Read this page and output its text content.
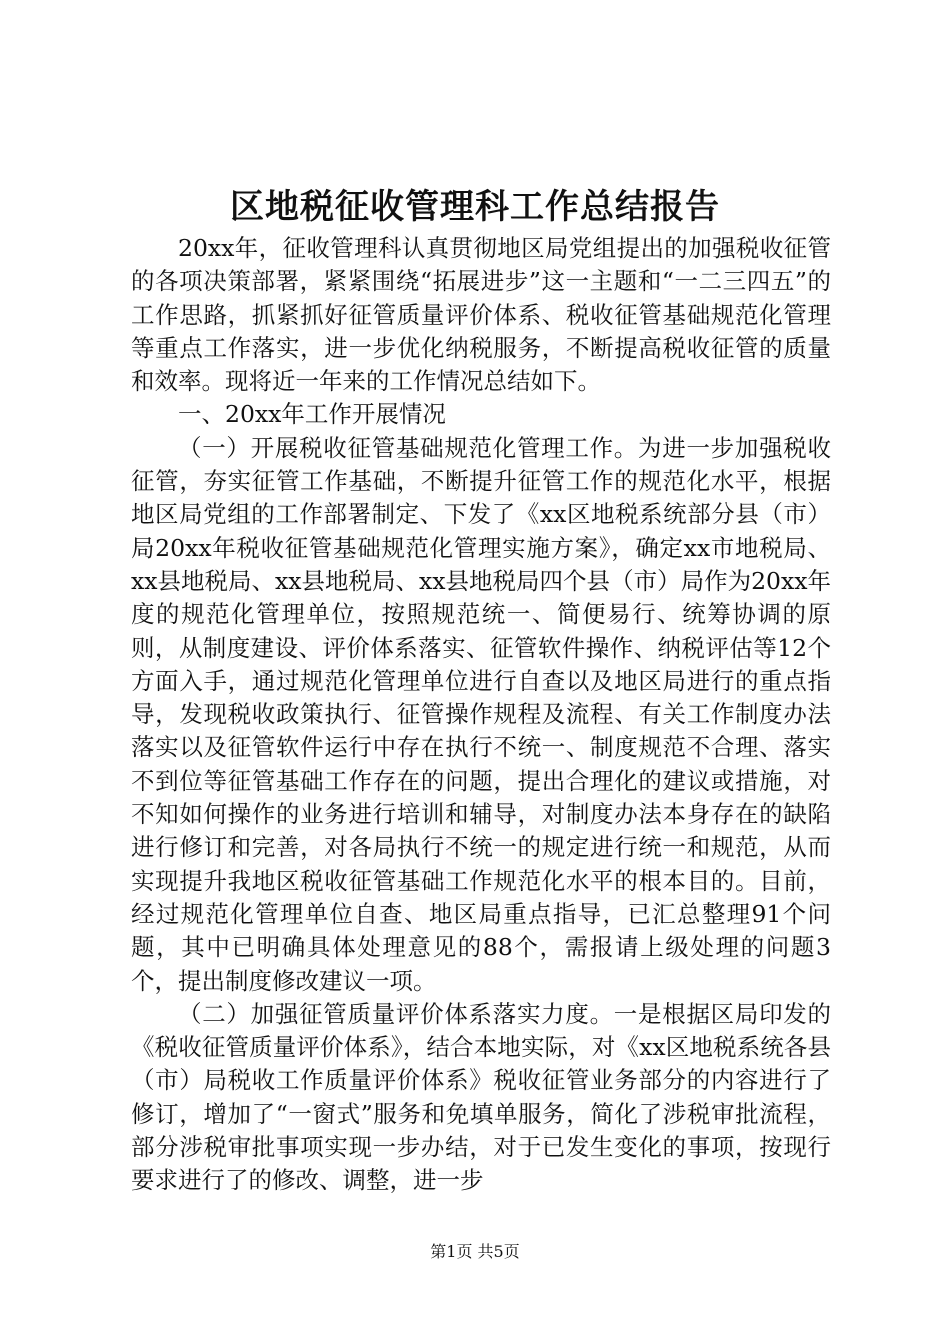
区地税征收管理科工作总结报告

20xx年，征收管理科认真贯彻地区局党组提出的加强税收征管的各项决策部署，紧紧围绕“拓展进步”这一主题和“一二三四五”的工作思路，抓紧抓好征管质量评价体系、税收征管基础规范化管理等重点工作落实，进一步优化纳税服务，不断提高税收征管的质量和效率。现将近一年来的工作情况总结如下。

一、20xx年工作开展情况

（一）开展税收征管基础规范化管理工作。为进一步加强税收征管，夯实征管工作基础，不断提升征管工作的规范化水平，根据地区局党组的工作部署制定、下发了《xx区地税系统部分县（市）局20xx年税收征管基础规范化管理实施方案》，确定xx市地税局、xx县地税局、xx县地税局、xx县地税局四个县（市）局作为20xx年度的规范化管理单位，按照规范统一、简便易行、统筹协调的原则，从制度建设、评价体系落实、征管软件操作、纳税评估等12个方面入手，通过规范化管理单位进行自查以及地区局进行的重点指导，发现税收政策执行、征管操作规程及流程、有关工作制度办法落实以及征管软件运行中存在执行不统一、制度规范不合理、落实不到位等征管基础工作存在的问题，提出合理化的建议或措施，对不知如何操作的业务进行培训和辅导，对制度办法本身存在的缺陷进行修订和完善，对各局执行不统一的规定进行统一和规范，从而实现提升我地区税收征管基础工作规范化水平的根本目的。目前，经过规范化管理单位自查、地区局重点指导，已汇总整理91个问题，其中已明确具体处理意见的88个，需报请上级处理的问题3个，提出制度修改建议一项。

（二）加强征管质量评价体系落实力度。一是根据区局印发的《税收征管质量评价体系》，结合本地实际，对《xx区地税系统各县（市）局税收工作质量评价体系》税收征管业务部分的内容进行了修订，增加了“一窗式”服务和免填单服务，简化了涉税审批流程，部分涉税审批事项实现一步办结，对于已发生变化的事项，按现行要求进行了的修改、调整，进一步

第1页 共5页
